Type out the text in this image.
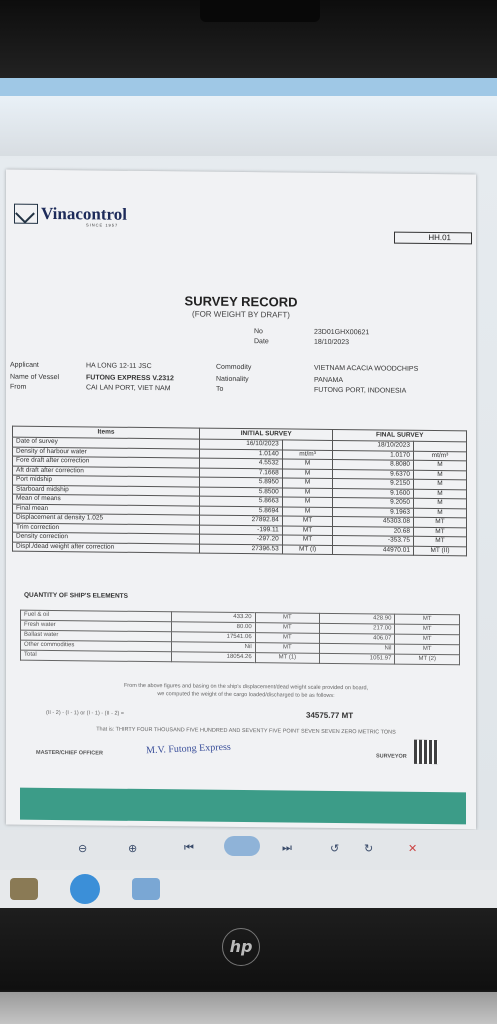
Vinacontrol
SINCE 1957
HH.01
SURVEY RECORD
(FOR WEIGHT BY DRAFT)
No	23D01GHX00621
Date	18/10/2023
Applicant	HA LONG 12-11 JSC
Name of Vessel	FUTONG EXPRESS V.2312
From	CAI LAN PORT, VIET NAM
Commodity	VIETNAM ACACIA WOODCHIPS
Nationality	PANAMA
To	FUTONG PORT, INDONESIA
Items	INITIAL SURVEY		FINAL SURVEY	
Date of survey	16/10/2023		18/10/2023	
Density of harbour water	1.0140	mt/m³	1.0170	mt/m³
Fore draft after correction	4.5532	M	8.8080	M
Aft draft after correction	7.1668	M	9.6370	M
Port midship	5.8950	M	9.2150	M
Starboard midship	5.8500	M	9.1600	M
Mean of means	5.8663	M	9.2050	M
Final mean	5.8694	M	9.1963	M
Displacement at density 1.025	27892.84	MT	45303.08	MT
Trim correction	-199.11	MT	20.68	MT
Density correction	-297.20	MT	-353.75	MT
Displ./dead weight after correction	27396.53	MT (I)	44970.01	MT (II)
QUANTITY OF SHIP'S ELEMENTS
Fuel & oil	433.20	MT	428.90	MT
Fresh water	80.00	MT	217.00	MT
Ballast water	17541.06	MT	406.07	MT
Other commodities	Nil	MT	Nil	MT
Total	18054.26	MT (1)	1051.97	MT (2)
From the above figures and basing on the ship's displacement/dead weight scale provided on board,
we computed the weight of the cargo loaded/discharged to be as follows:
(II - 2) - (I - 1) or (I - 1) - (II - 2) =	34575.77 MT
That is: THIRTY FOUR THOUSAND FIVE HUNDRED AND SEVENTY FIVE POINT SEVEN SEVEN ZERO METRIC TONS
MASTER/CHIEF OFFICER	M.V. Futong Express
SURVEYOR
⊖	⊕	⏮	⏭	↺ ↻	✕
hp
